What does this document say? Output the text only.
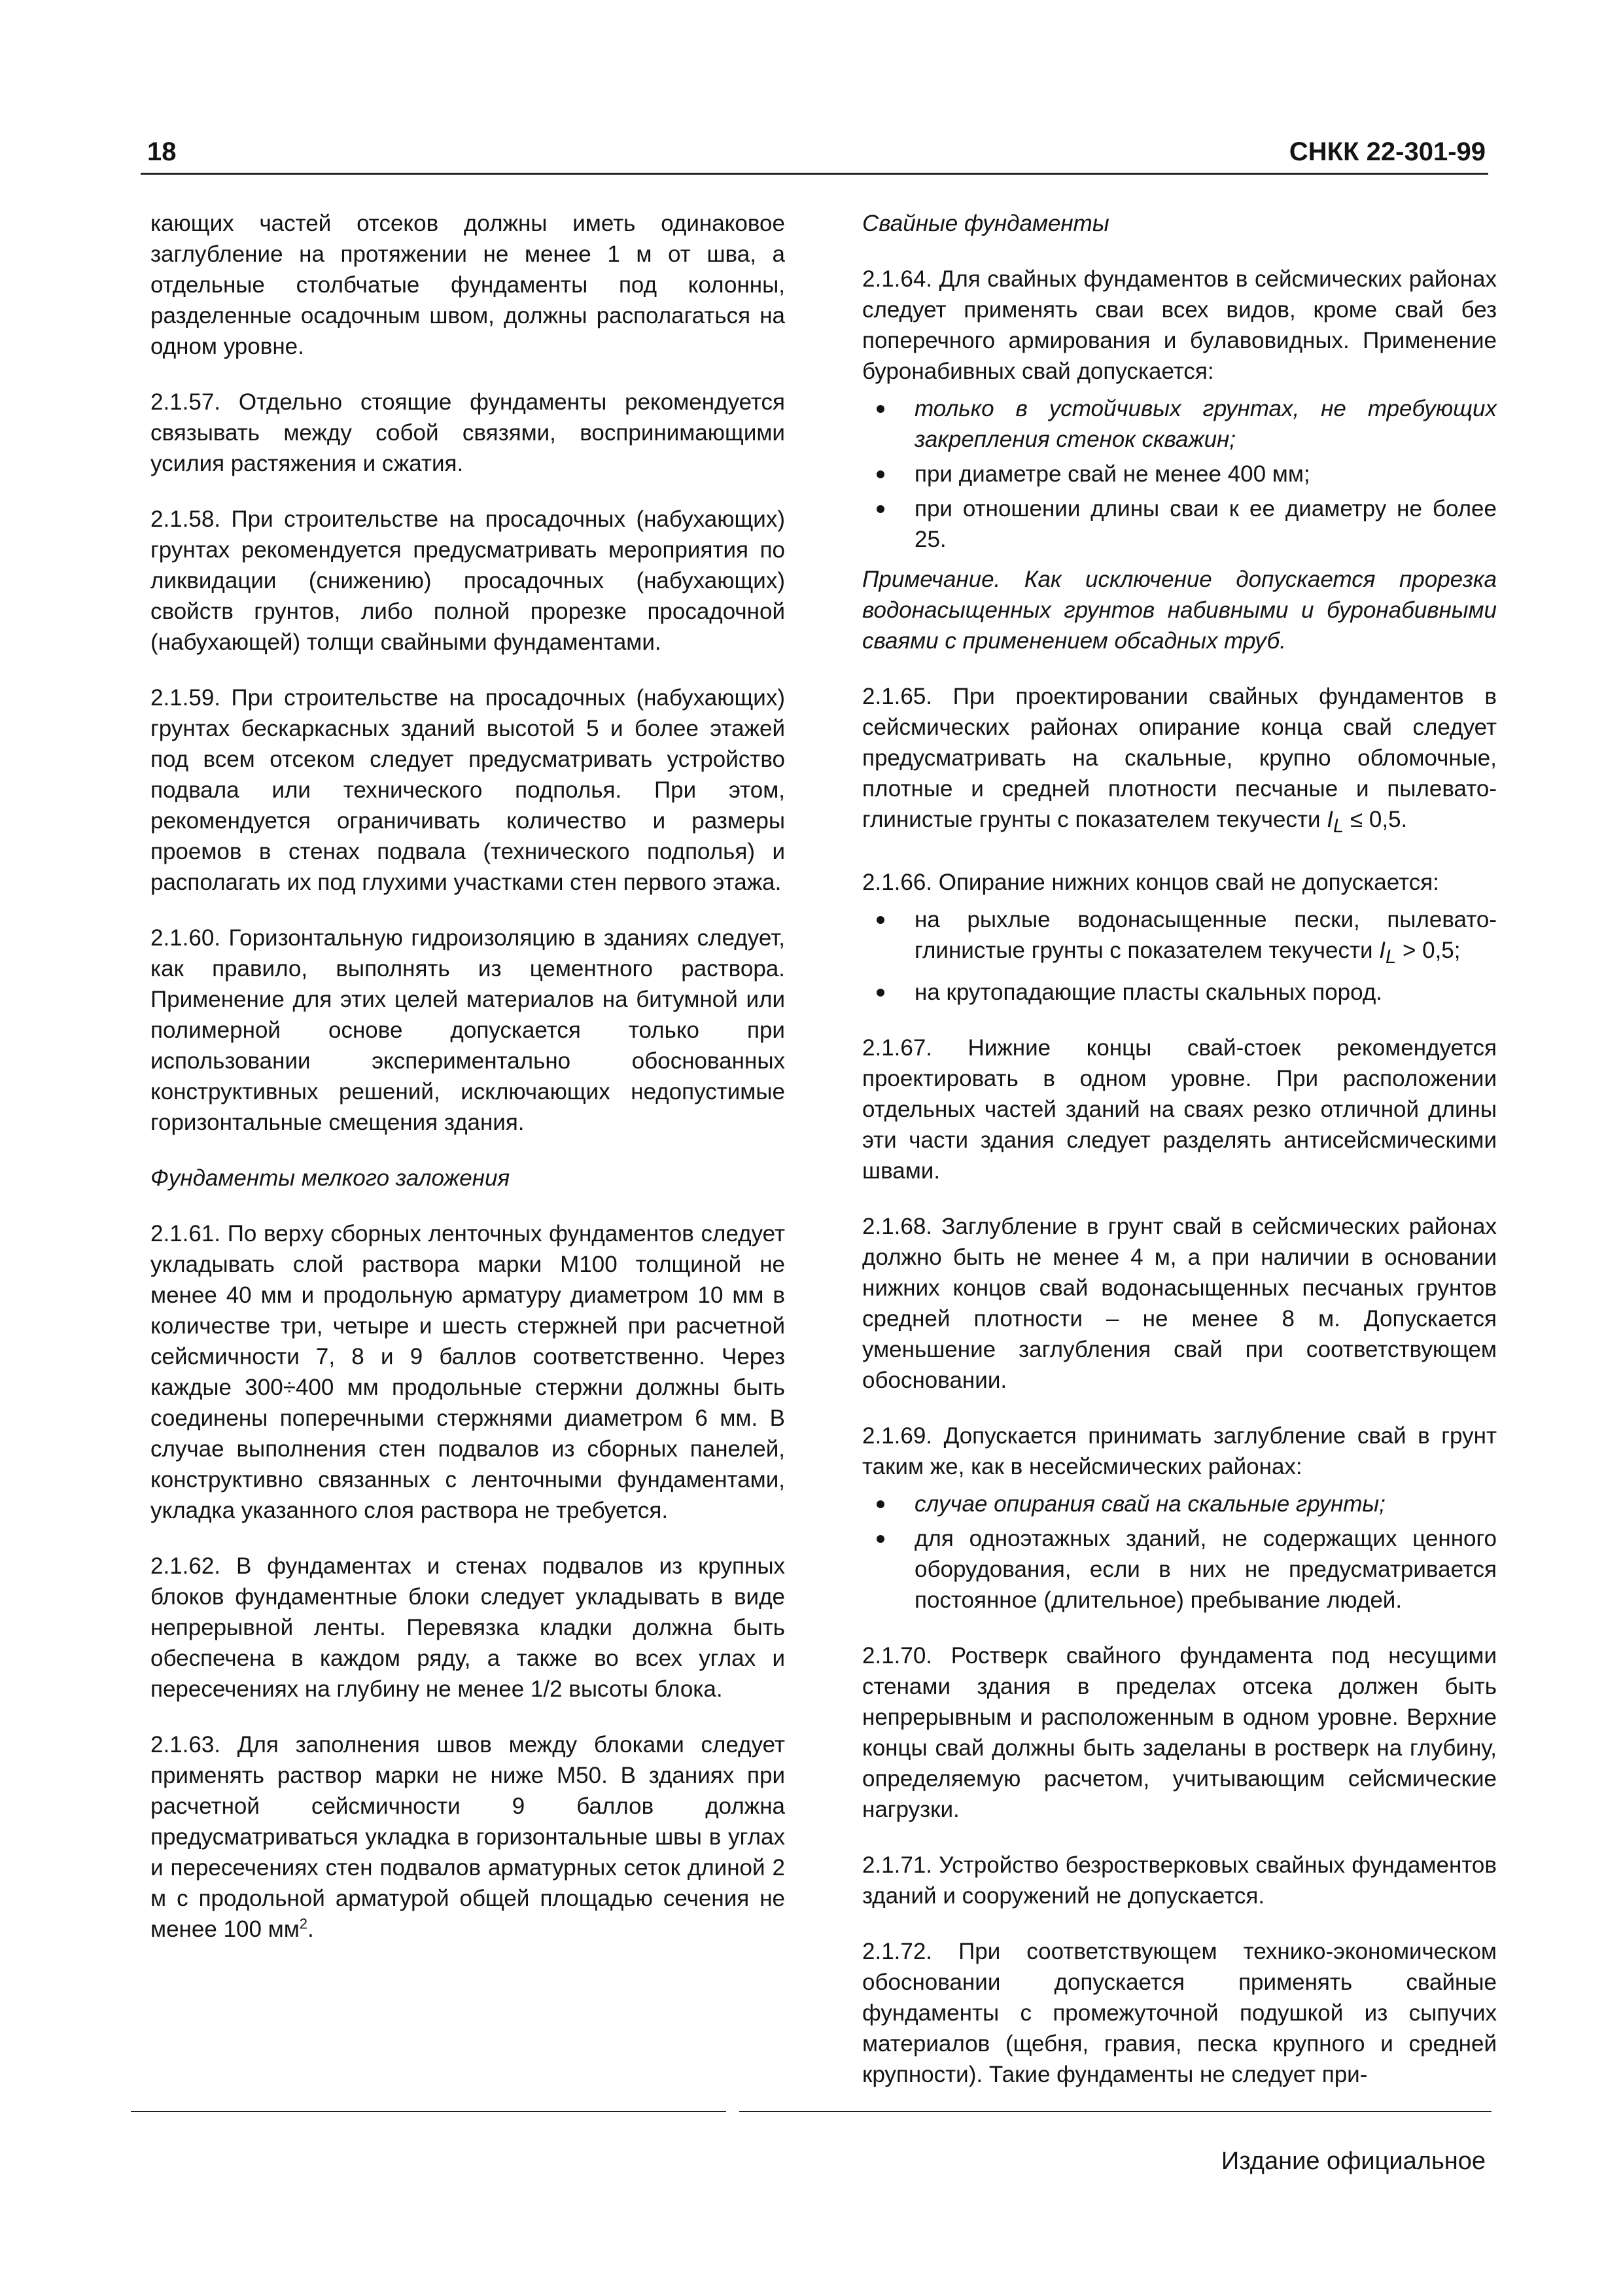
18	СНКК 22-301-99

кающих частей отсеков должны иметь одинаковое заглубление на протяжении не менее 1 м от шва, а отдельные столбчатые фундаменты под колонны, разделенные осадочным швом, должны располагаться на одном уровне.

2.1.57. Отдельно стоящие фундаменты рекомендуется связывать между собой связями, воспринимающими усилия растяжения и сжатия.

2.1.58. При строительстве на просадочных (набухающих) грунтах рекомендуется предусматривать мероприятия по ликвидации (снижению) просадочных (набухающих) свойств грунтов, либо полной прорезке просадочной (набухающей) толщи свайными фундаментами.

2.1.59. При строительстве на просадочных (набухающих) грунтах бескаркасных зданий высотой 5 и более этажей под всем отсеком следует предусматривать устройство подвала или технического подполья. При этом, рекомендуется ограничивать количество и размеры проемов в стенах подвала (технического подполья) и располагать их под глухими участками стен первого этажа.

2.1.60. Горизонтальную гидроизоляцию в зданиях следует, как правило, выполнять из цементного раствора. Применение для этих целей материалов на битумной или полимерной основе допускается только при использовании экспериментально обоснованных конструктивных решений, исключающих недопустимые горизонтальные смещения здания.

Фундаменты мелкого заложения

2.1.61. По верху сборных ленточных фундаментов следует укладывать слой раствора марки М100 толщиной не менее 40 мм и продольную арматуру диаметром 10 мм в количестве три, четыре и шесть стержней при расчетной сейсмичности 7, 8 и 9 баллов соответственно. Через каждые 300÷400 мм продольные стержни должны быть соединены поперечными стержнями диаметром 6 мм. В случае выполнения стен подвалов из сборных панелей, конструктивно связанных с ленточными фундаментами, укладка указанного слоя раствора не требуется.

2.1.62. В фундаментах и стенах подвалов из крупных блоков фундаментные блоки следует укладывать в виде непрерывной ленты. Перевязка кладки должна быть обеспечена в каждом ряду, а также во всех углах и пересечениях на глубину не менее 1/2 высоты блока.

2.1.63. Для заполнения швов между блоками следует применять раствор марки не ниже М50. В зданиях при расчетной сейсмичности 9 баллов должна предусматриваться укладка в горизонтальные швы в углах и пересечениях стен подвалов арматурных сеток длиной 2 м с продольной арматурой общей площадью сечения не менее 100 $мм^2$.

Свайные фундаменты

2.1.64. Для свайных фундаментов в сейсмических районах следует применять сваи всех видов, кроме свай без поперечного армирования и булавовидных. Применение буронабивных свай допускается:

только в устойчивых грунтах, не требующих закрепления стенок скважин;
при диаметре свай не менее 400 мм;
при отношении длины сваи к ее диаметру не более 25.

Примечание. Как исключение допускается прорезка водонасыщенных грунтов набивными и буронабивными сваями с применением обсадных труб.

2.1.65. При проектировании свайных фундаментов в сейсмических районах опирание конца свай следует предусматривать на скальные, крупно обломочные, плотные и средней плотности песчаные и пылевато-глинистые грунты с показателем текучести $I_L \le 0,5$.

2.1.66. Опирание нижних концов свай не допускается:

на рыхлые водонасыщенные пески, пылевато-глинистые грунты с показателем текучести $I_L > 0,5$;
на крутопадающие пласты скальных пород.

2.1.67. Нижние концы свай-стоек рекомендуется проектировать в одном уровне. При расположении отдельных частей зданий на сваях резко отличной длины эти части здания следует разделять антисейсмическими швами.

2.1.68. Заглубление в грунт свай в сейсмических районах должно быть не менее 4 м, а при наличии в основании нижних концов свай водонасыщенных песчаных грунтов средней плотности – не менее 8 м. Допускается уменьшение заглубления свай при соответствующем обосновании.

2.1.69. Допускается принимать заглубление свай в грунт таким же, как в несейсмических районах:

случае опирания свай на скальные грунты;
для одноэтажных зданий, не содержащих ценного оборудования, если в них не предусматривается постоянное (длительное) пребывание людей.

2.1.70. Ростверк свайного фундамента под несущими стенами здания в пределах отсека должен быть непрерывным и расположенным в одном уровне. Верхние концы свай должны быть заделаны в ростверк на глубину, определяемую расчетом, учитывающим сейсмические нагрузки.

2.1.71. Устройство безростверковых свайных фундаментов зданий и сооружений не допускается.

2.1.72. При соответствующем технико-экономическом обосновании допускается применять свайные фундаменты с промежуточной подушкой из сыпучих материалов (щебня, гравия, песка крупного и средней крупности). Такие фундаменты не следует при-

Издание официальное
